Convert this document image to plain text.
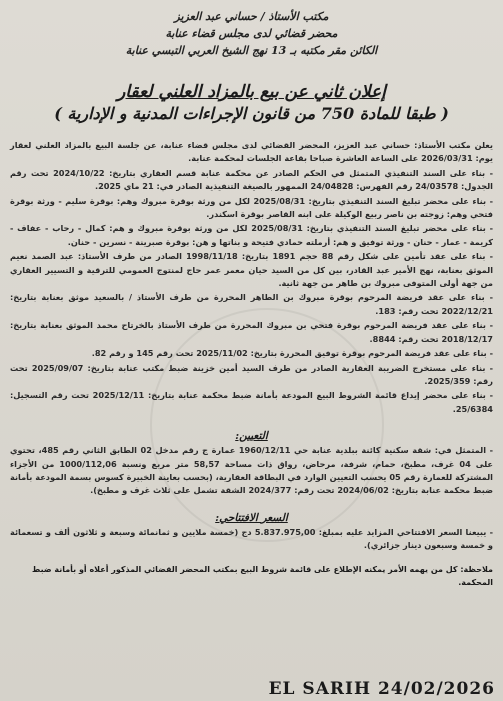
مكتب الأستاذ / حساني عبد العزيز
محضر قضائي لدى مجلس قضاء عنابة
الكائن مقر مكتبه بـ 13 نهج الشيخ العربي التبسي عنابة
إعلان ثاني عن بيع بالمزاد العلني لعقار
( طبقا للمادة 750 من قانون الإجراءات المدنية و الإدارية )

يعلن مكتب الأستاذ: حساني عبد العزيز، المحضر القضائي لدى مجلس قضاء عنابة، عن جلسة البيع بالمزاد العلني لعقار يوم: 2026/03/31 على الساعة العاشرة صباحا بقاعة الجلسات لمحكمة عنابة.

- بناء على السند التنفيذي المتمثل في الحكم الصادر عن محكمة عنابة قسم العقاري بتاريخ: 2024/10/22 تحت رقم الجدول: 24/03578 رقم الفهرس: 24/04828 الممهور بالصيغة التنفيذية الصادر في: 21 ماي 2025.

- بناء على محضر تبليغ السند التنفيذي بتاريخ: 2025/08/31 لكل من ورثة بوقرة مبروك وهم: بوقرة سليم - ورثة بوقرة فتحي وهم: زوجته بن ناصر ربيع الوكيلة على ابنه القاصر بوقرة اسكندر.

- بناء على محضر تبليغ السند التنفيذي بتاريخ: 2025/08/31 لكل من ورثة بوقرة مبروك و هم: كمال - رحاب - عفاف - كريمة - عمار - حنان - ورثة توفيق و هم: أرملته حمادي فتيحة و بناتها و هن: بوقرة صبرينة - نسرين - حنان.

- بناء على عقد تأمين على شكل رقم 88 حجم 1891 بتاريخ: 1998/11/18 الصادر من طرف الأستاذ: عبد الصمد نعيم الموثق بعنابة، نهج الأمير عبد القادر، بين كل من السيد حيان معمر عمر حاج لمنتوج العمومي للترقية و التسيير العقاري من جهة أولى المتوفى مبروك بن طاهر من جهة ثانية.

- بناء على عقد فريضة المرحوم بوقرة مبروك بن الطاهر المحررة من طرف الأستاذ / بالسعيد موثق بعنابة بتاريخ: 2022/12/21 تحت رقم: 183.

- بناء على عقد فريضة المرحوم بوقرة فتحي بن مبروك المحررة من طرف الأستاذ بالخرتاح محمد الموثق بعنابة بتاريخ: 2018/12/17 تحت رقم: 8844.

- بناء على عقد فريضة المرحوم بوقرة توفيق المحررة بتاريخ: 2025/11/02 تحت رقم 145 و رقم 82.

- بناء على مستخرج الضريبة العقارية الصادر من طرف السيد أمين خزينة ضبط مكتب عنابة بتاريخ: 2025/09/07 تحت رقم: 2025/359.

- بناء على محضر إيداع قائمة الشروط البيع المودعة بأمانة ضبط محكمة عنابة بتاريخ: 2025/12/11 تحت رقم التسجيل: 25/6384.

التعيين:
- المتمثل في: شقة سكنية كائنة ببلدية عنابة حي 1960/12/11 عمارة ج رقم مدخل 02 الطابق الثاني رقم 485، تحتوي على 04 غرف، مطبخ، حمام، شرفة، مرحاض، رواق ذات مساحة 58,57 متر مربع ونسبة 1000/112,06 من الأجزاء المشتركة للعمارة رقم 05 يحسب التعيين الوارد في البطاقة العقارية، (بحسب بعاينة الخبيرة كسوس بسمة المودعة بأمانة ضبط محكمة عنابة بتاريخ: 2024/06/02 تحت رقم: 2024/377 الشقة تشمل على ثلاث غرف و مطبخ).
السعر الافتتاحي:
- يبيعنا السعر الافتتاحي المزايد عليه بمبلغ: 5.837.975,00 دج (خمسة ملايين و ثمانمائة وسبعة و ثلاثون ألف و تسعمائة و خمسة وسبعون دينار جزائري).
ملاحظة: كل من يهمه الأمر يمكنه الإطلاع على قائمة شروط البيع بمكتب المحضر القضائي المذكور أعلاه أو بأمانة ضبط المحكمة.
EL SARIH 24/02/2026
